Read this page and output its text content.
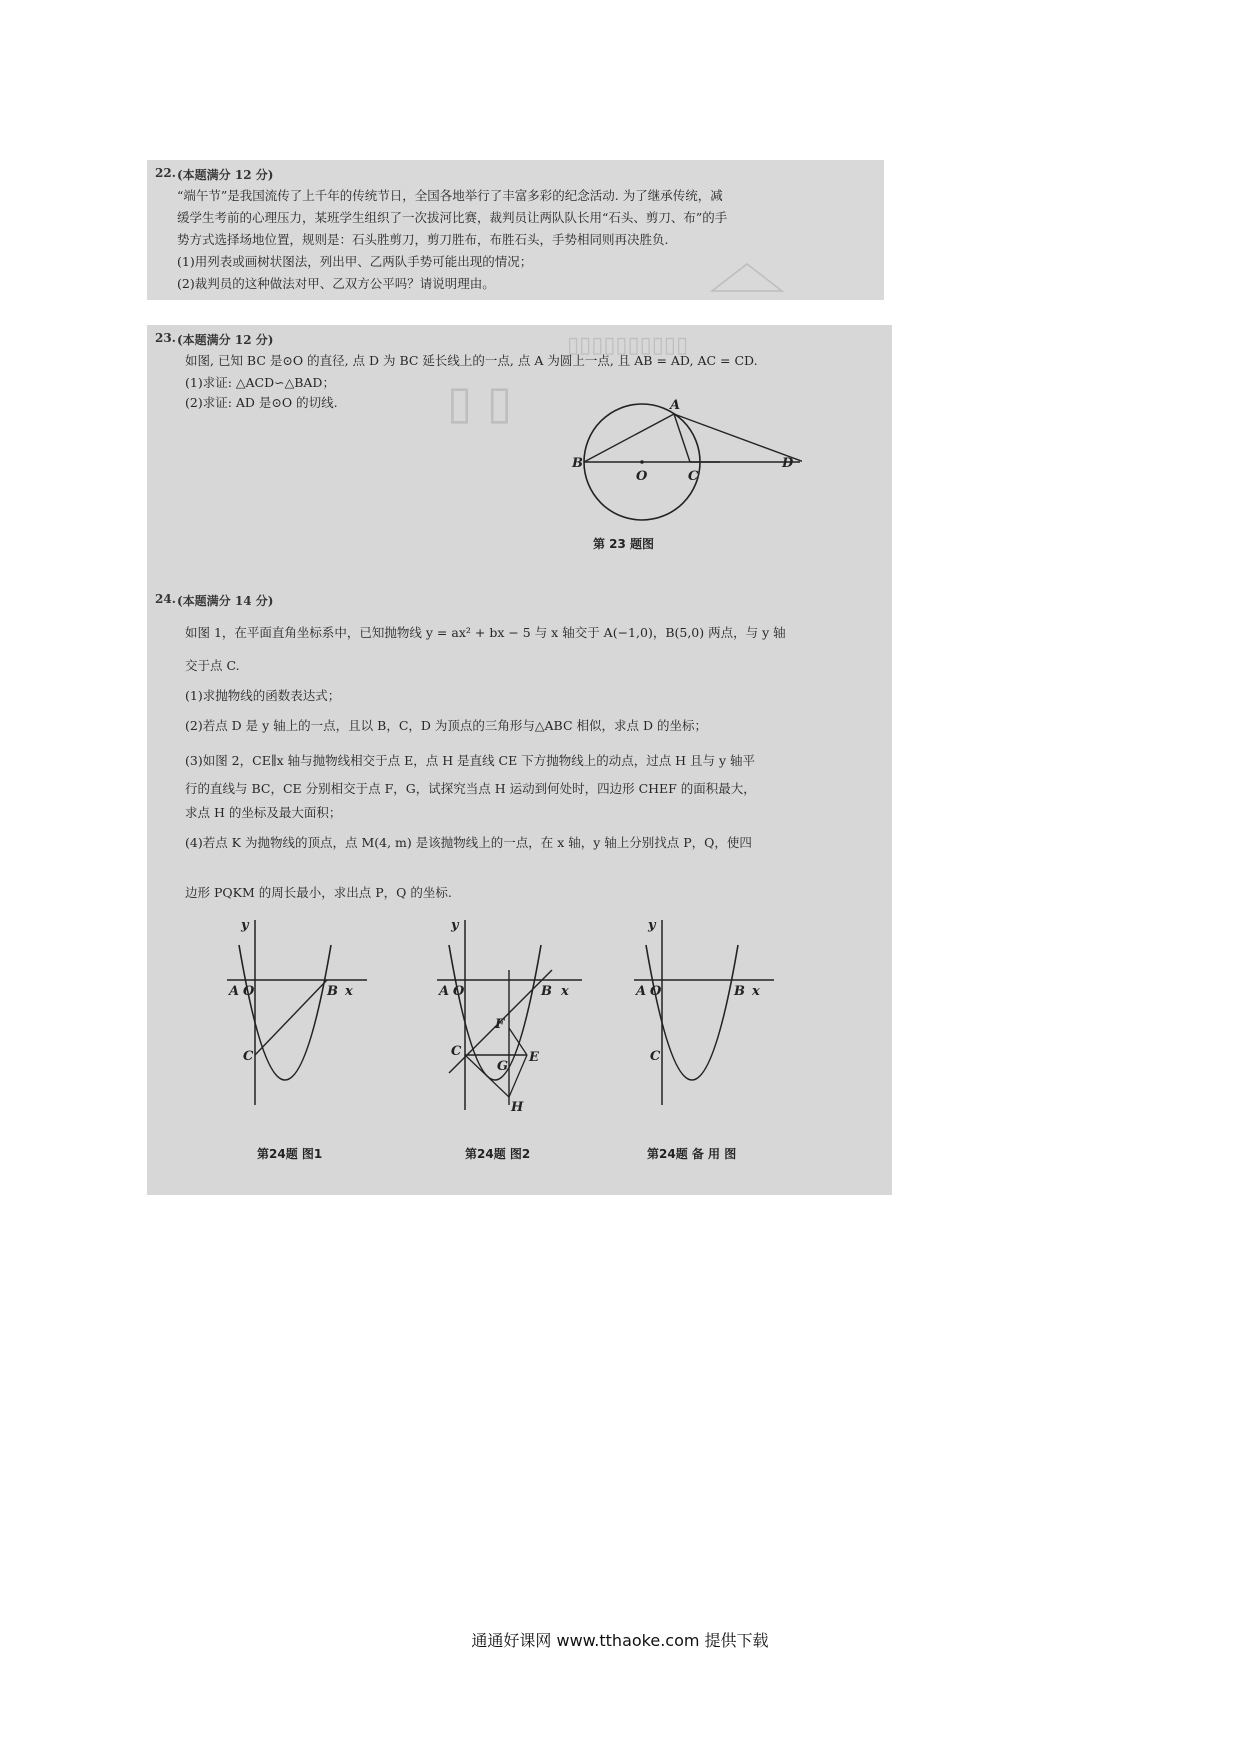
22. (本题满分 12 分)
“端午节”是我国流传了上千年的传统节日，全国各地举行了丰富多彩的纪念活动. 为了继承传统，减
缓学生考前的心理压力，某班学生组织了一次拔河比赛，裁判员让两队队长用“石头、剪刀、布”的手
势方式选择场地位置，规则是：石头胜剪刀，剪刀胜布，布胜石头，手势相同则再决胜负.
(1)用列表或画树状图法，列出甲、乙两队手势可能出现的情况；
(2)裁判员的这种做法对甲、乙双方公平吗？请说明理由。
▯▯▯▯▯▯▯▯▯▯
▯ ▯
23. (本题满分 12 分)
如图, 已知 BC 是⊙O 的直径, 点 D 为 BC 延长线上的一点, 点 A 为圆上一点, 且 AB = AD, AC = CD.
(1)求证: △ACD∽△BAD；
(2)求证: AD 是⊙O 的切线.	A
B
O	C
D
第 23 题图
24. (本题满分 14 分)
如图 1，在平面直角坐标系中，已知抛物线 y = ax² + bx − 5 与 x 轴交于 A(−1,0)，B(5,0) 两点，与 y 轴
交于点 C.
(1)求抛物线的函数表达式；
(2)若点 D 是 y 轴上的一点，且以 B，C，D 为顶点的三角形与△ABC 相似，求点 D 的坐标；
(3)如图 2，CE∥x 轴与抛物线相交于点 E，点 H 是直线 CE 下方抛物线上的动点，过点 H 且与 y 轴平
行的直线与 BC，CE 分别相交于点 F，G，试探究当点 H 运动到何处时，四边形 CHEF 的面积最大，
求点 H 的坐标及最大面积；
(4)若点 K 为抛物线的顶点，点 M(4, m) 是该抛物线上的一点，在 x 轴，y 轴上分别找点 P，Q，使四
边形 PQKM 的周长最小，求出点 P，Q 的坐标.
y
A O	B x
C
第24题 图1
y
A O	B x
F
C
G
E
H
第24题 图2
y
A O	B x
C
第24题 备 用 图
通通好课网 www.tthaoke.com 提供下载
